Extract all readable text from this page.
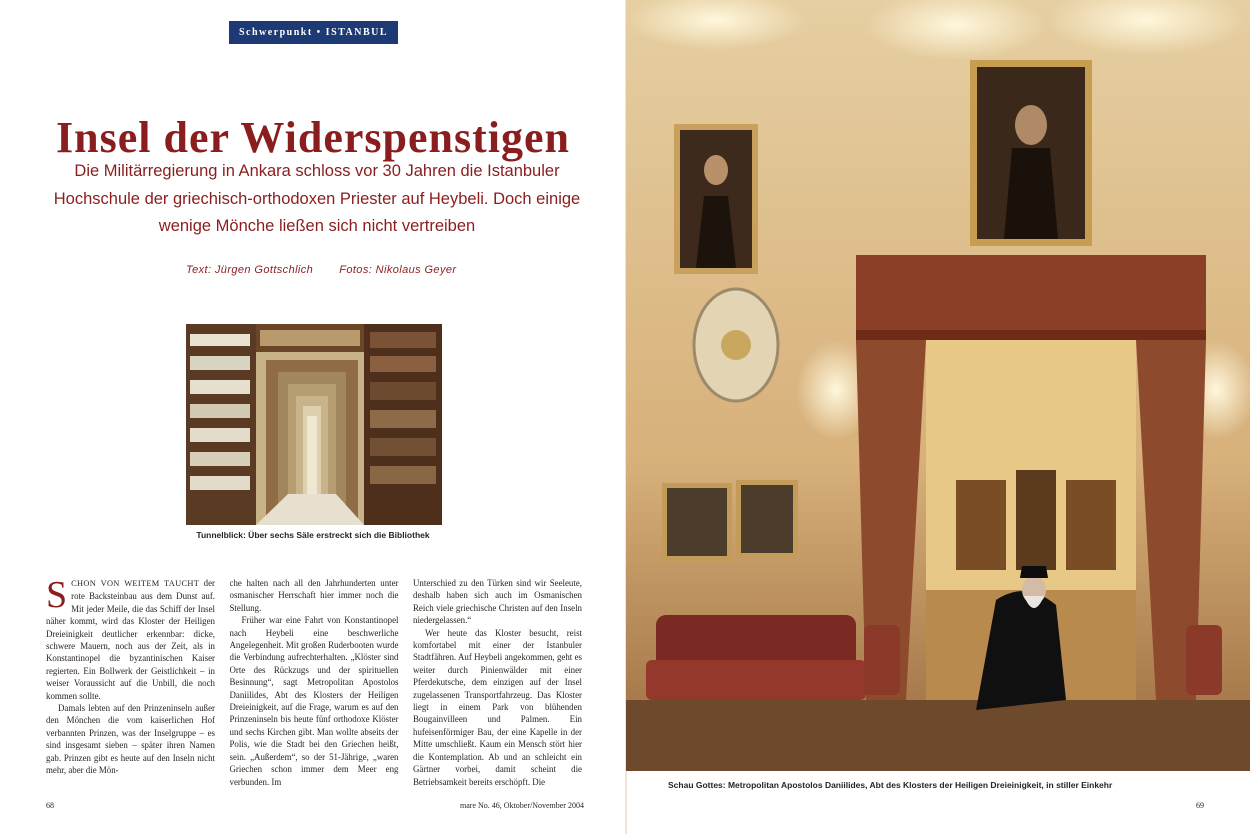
Schwerpunkt • ISTANBUL
Insel der Widerspenstigen

Die Militärregierung in Ankara schloss vor 30 Jahren die Istanbuler Hochschule der griechisch-orthodoxen Priester auf Heybeli. Doch einige wenige Mönche ließen sich nicht vertreiben

Text: Jürgen Gottschlich Fotos: Nikolaus Geyer
Tunnelblick: Über sechs Säle erstreckt sich die Bibliothek

SCHON VON WEITEM TAUCHT der rote Backsteinbau aus dem Dunst auf. Mit jeder Meile, die das Schiff der Insel näher kommt, wird das Kloster der Heiligen Dreieinigkeit deutlicher erkennbar: dicke, schwere Mauern, noch aus der Zeit, als in Konstantinopel die byzantinischen Kaiser regierten. Ein Bollwerk der Geistlichkeit – in weiser Voraussicht auf die Unbill, die noch kommen sollte.

Damals lebten auf den Prinzeninseln außer den Mönchen die vom kaiserlichen Hof verbannten Prinzen, was der Inselgruppe – es sind insgesamt sieben – später ihren Namen gab. Prinzen gibt es heute auf den Inseln nicht mehr, aber die Mön-

che halten nach all den Jahrhunderten unter osmanischer Herrschaft hier immer noch die Stellung.

Früher war eine Fahrt von Konstantinopel nach Heybeli eine beschwerliche Angelegenheit. Mit großen Ruderbooten wurde die Verbindung aufrechterhalten. „Klöster sind Orte des Rückzugs und der spirituellen Besinnung“, sagt Metropolitan Apostolos Daniilides, Abt des Klosters der Heiligen Dreieinigkeit, auf die Frage, warum es auf den Prinzeninseln bis heute fünf orthodoxe Klöster und sechs Kirchen gibt. Man wollte abseits der Polis, wie die Stadt bei den Griechen heißt, sein. „Außerdem“, so der 51-Jährige, „waren Griechen schon immer dem Meer eng verbunden. Im

Unterschied zu den Türken sind wir Seeleute, deshalb haben sich auch im Osmanischen Reich viele griechische Christen auf den Inseln niedergelassen.“

Wer heute das Kloster besucht, reist komfortabel mit einer der Istanbuler Stadtfähren. Auf Heybeli angekommen, geht es weiter durch Pinienwälder mit einer Pferdekutsche, dem einzigen auf der Insel zugelassenen Transportfahrzeug. Das Kloster liegt in einem Park von blühenden Bougainvilleen und Palmen. Ein hufeisenförmiger Bau, der eine Kapelle in der Mitte umschließt. Kaum ein Mensch stört hier die Kontemplation. Ab und an schleicht ein Gärtner vorbei, damit scheint die Betriebsamkeit bereits erschöpft. Die

68	mare No. 46, Oktober/November 2004
Schau Gottes: Metropolitan Apostolos Daniilides, Abt des Klosters der Heiligen Dreieinigkeit, in stiller Einkehr
69
